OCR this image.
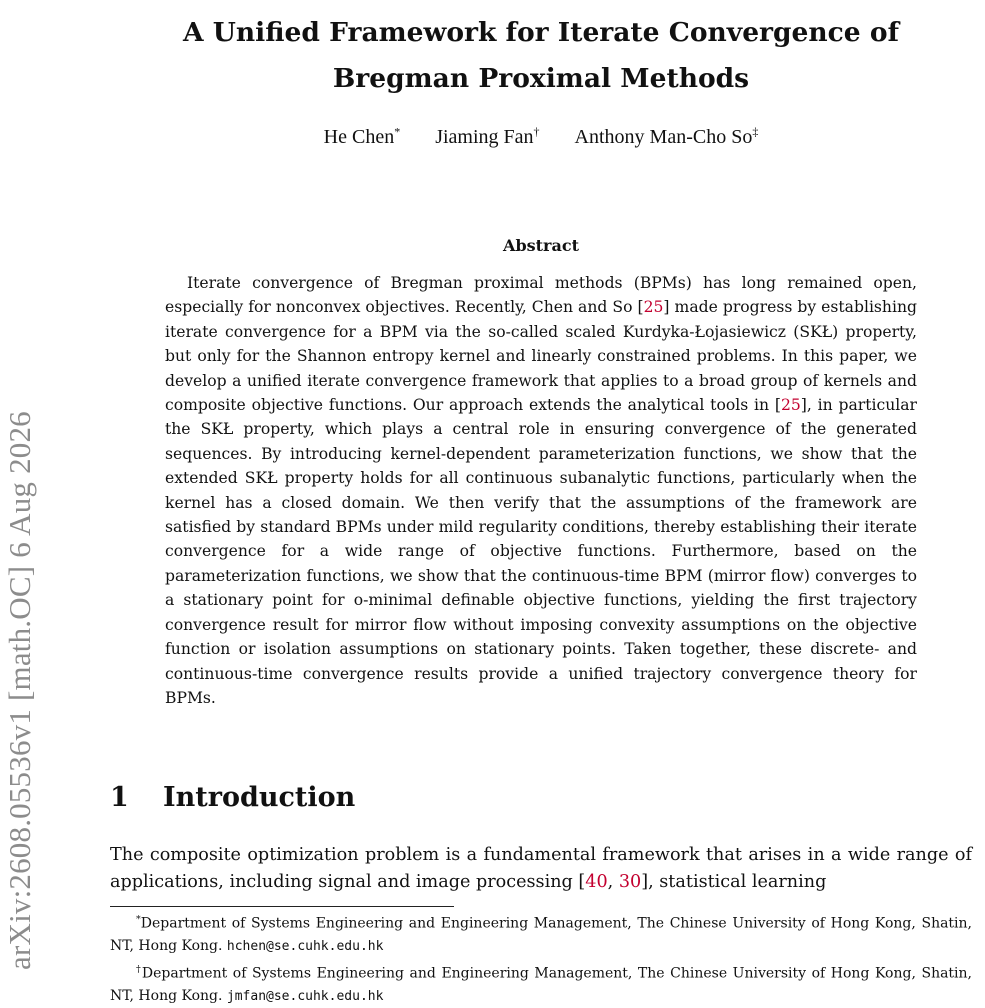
arXiv:2608.05536v1 [math.OC] 6 Aug 2026
A Unified Framework for Iterate Convergence of
Bregman Proximal Methods
He Chen* Jiaming Fan† Anthony Man-Cho So‡
Abstract

Iterate convergence of Bregman proximal methods (BPMs) has long remained open, especially for nonconvex objectives. Recently, Chen and So [25] made progress by establishing iterate convergence for a BPM via the so-called scaled Kurdyka-Łojasiewicz (SKŁ) property, but only for the Shannon entropy kernel and linearly constrained problems. In this paper, we develop a unified iterate convergence framework that applies to a broad group of kernels and composite objective functions. Our approach extends the analytical tools in [25], in particular the SKŁ property, which plays a central role in ensuring convergence of the generated sequences. By introducing kernel-dependent parameterization functions, we show that the extended SKŁ property holds for all continuous subanalytic functions, particularly when the kernel has a closed domain. We then verify that the assumptions of the framework are satisfied by standard BPMs under mild regularity conditions, thereby establishing their iterate convergence for a wide range of objective functions. Furthermore, based on the parameterization functions, we show that the continuous-time BPM (mirror flow) converges to a stationary point for o-minimal definable objective functions, yielding the first trajectory convergence result for mirror flow without imposing convexity assumptions on the objective function or isolation assumptions on stationary points. Taken together, these discrete- and continuous-time convergence results provide a unified trajectory convergence theory for BPMs.

1 Introduction

The composite optimization problem is a fundamental framework that arises in a wide range of applications, including signal and image processing [40, 30], statistical learning

*Department of Systems Engineering and Engineering Management, The Chinese University of Hong Kong, Shatin, NT, Hong Kong. hchen@se.cuhk.edu.hk

†Department of Systems Engineering and Engineering Management, The Chinese University of Hong Kong, Shatin, NT, Hong Kong. jmfan@se.cuhk.edu.hk
